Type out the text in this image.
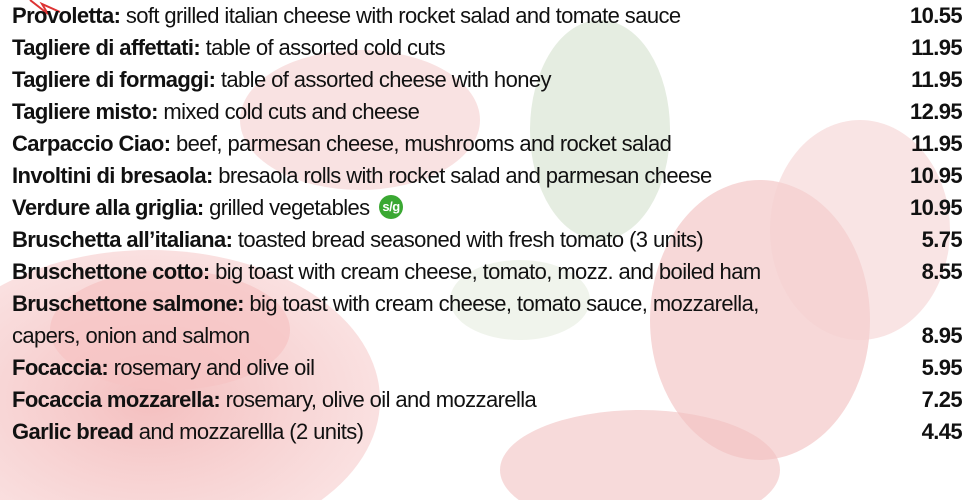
Provoletta: soft grilled italian cheese with rocket salad and tomate sauce	10.55
Tagliere di affettati: table of assorted cold cuts	11.95
Tagliere di formaggi: table of assorted cheese with honey	11.95
Tagliere misto: mixed cold cuts and cheese	12.95
Carpaccio Ciao: beef, parmesan cheese, mushrooms and rocket salad	11.95
Involtini di bresaola: bresaola rolls with rocket salad and parmesan cheese	10.95
Verdure alla griglia: grilled vegetables s/g	10.95
Bruschetta all’italiana: toasted bread seasoned with fresh tomato (3 units)	5.75
Bruschettone cotto: big toast with cream cheese, tomato, mozz. and boiled ham	8.55
Bruschettone salmone: big toast with cream cheese, tomato sauce, mozzarella,
capers, onion and salmon	8.95
Focaccia: rosemary and olive oil	5.95
Focaccia mozzarella: rosemary, olive oil and mozzarella	7.25
Garlic bread and mozzarellla (2 units)	4.45
